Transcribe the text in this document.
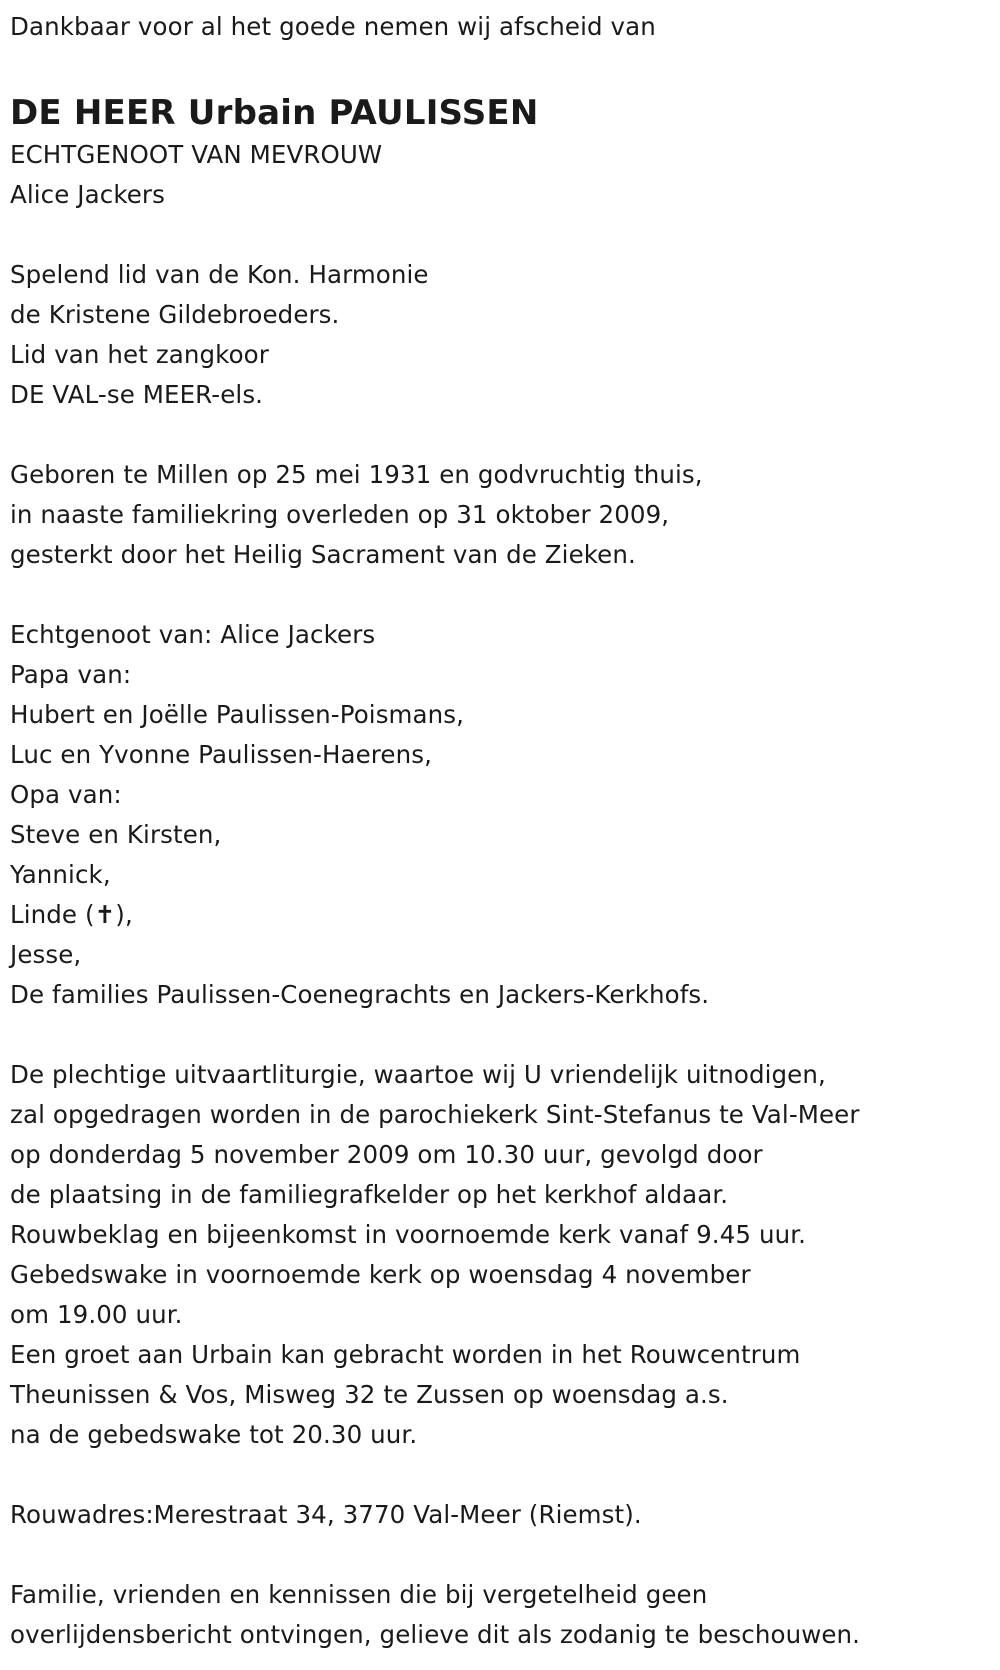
Dankbaar voor al het goede nemen wij afscheid van
DE HEER Urbain PAULISSEN
ECHTGENOOT VAN MEVROUW
Alice Jackers
Spelend lid van de Kon. Harmonie
de Kristene Gildebroeders.
Lid van het zangkoor
DE VAL-se MEER-els.
Geboren te Millen op 25 mei 1931 en godvruchtig thuis,
in naaste familiekring overleden op 31 oktober 2009,
gesterkt door het Heilig Sacrament van de Zieken.
Echtgenoot van: Alice Jackers
Papa van:
Hubert en Joëlle Paulissen-Poismans,
Luc en Yvonne Paulissen-Haerens,
Opa van:
Steve en Kirsten,
Yannick,
Linde (✝),
Jesse,
De families Paulissen-Coenegrachts en Jackers-Kerkhofs.
De plechtige uitvaartliturgie, waartoe wij U vriendelijk uitnodigen,
zal opgedragen worden in de parochiekerk Sint-Stefanus te Val-Meer
op donderdag 5 november 2009 om 10.30 uur, gevolgd door
de plaatsing in de familiegrafkelder op het kerkhof aldaar.
Rouwbeklag en bijeenkomst in voornoemde kerk vanaf 9.45 uur.
Gebedswake in voornoemde kerk op woensdag 4 november
om 19.00 uur.
Een groet aan Urbain kan gebracht worden in het Rouwcentrum
Theunissen & Vos, Misweg 32 te Zussen op woensdag a.s.
na de gebedswake tot 20.30 uur.
Rouwadres:Merestraat 34, 3770 Val-Meer (Riemst).
Familie, vrienden en kennissen die bij vergetelheid geen
overlijdensbericht ontvingen, gelieve dit als zodanig te beschouwen.
